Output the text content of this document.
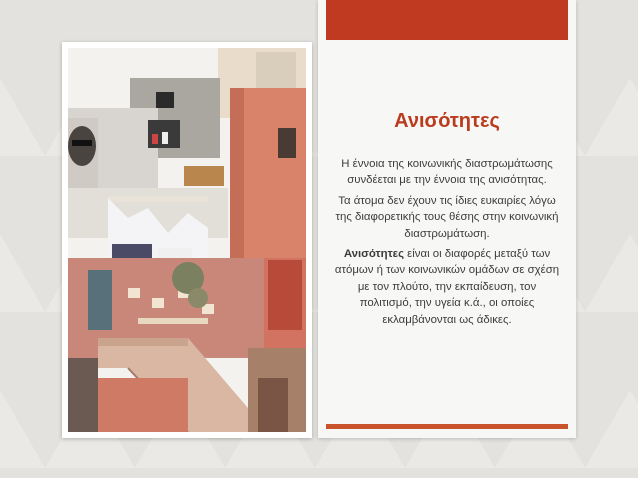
Ανισότητες

Η έννοια της κοινωνικής διαστρωμάτωσης συνδέεται με την έννοια της ανισότητας.

Τα άτομα δεν έχουν τις ίδιες ευκαιρίες λόγω της διαφορετικής τους θέσης στην κοινωνική διαστρωμάτωση.

Ανισότητες είναι οι διαφορές μεταξύ των ατόμων ή των κοινωνικών ομάδων σε σχέση με τον πλούτο, την εκπαίδευση, τον πολιτισμό, την υγεία κ.ά., οι οποίες εκλαμβάνονται ως άδικες.
